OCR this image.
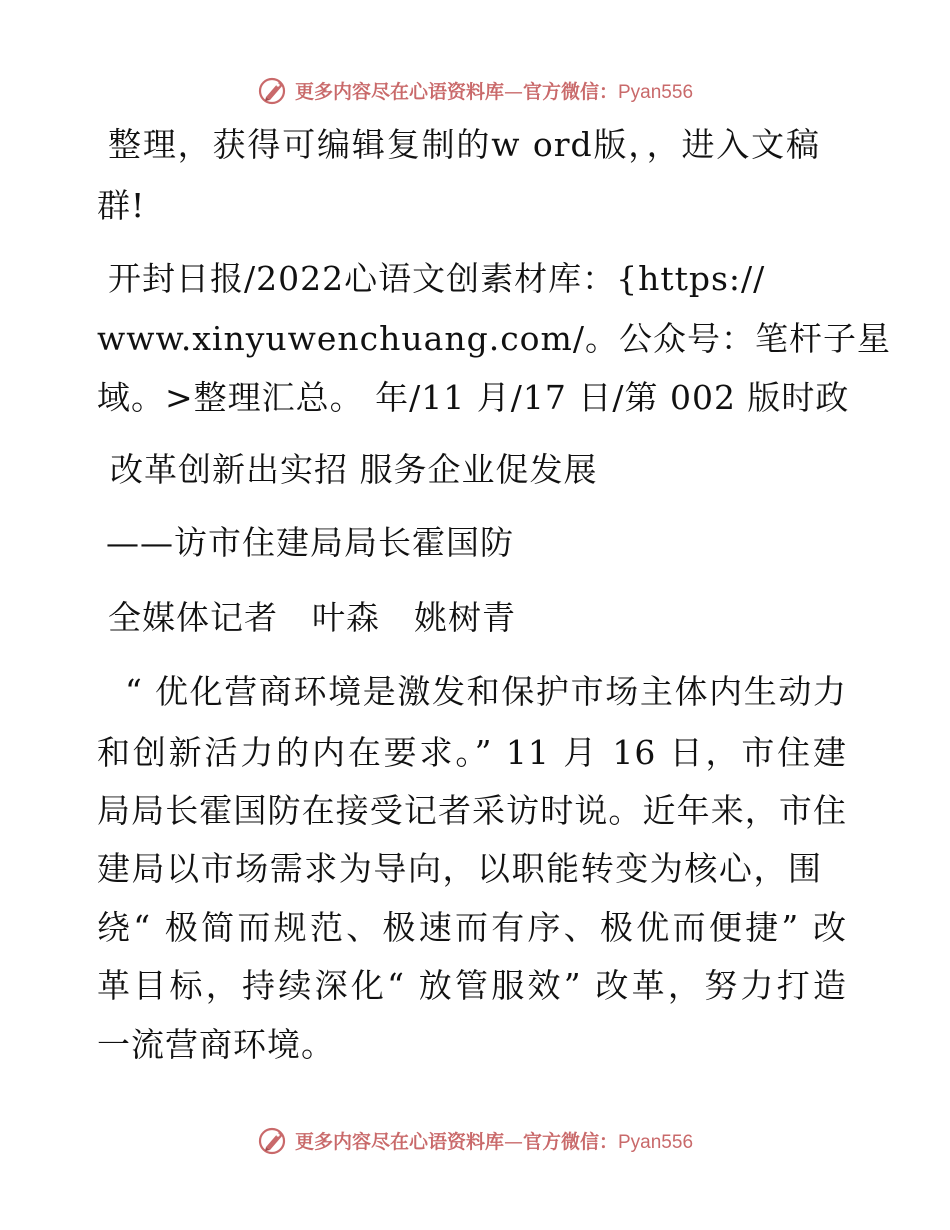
更多内容尽在心语资料库—官方微信：Pyan556
整理，获得可编辑复制的w ord版，，进入文稿
群!
开封日报/2022心语文创素材库：{https://
www.xinyuwenchuang.com/。公众号：笔杆子星
域。>整理汇总。 年/11 月/17 日/第 002 版时政
改革创新出实招 服务企业促发展
——访市住建局局长霍国防
全媒体记者　叶森　姚树青
“ 优化营商环境是激发和保护市场主体内生动力
和创新活力的内在要求。” 11 月 16 日，市住建
局局长霍国防在接受记者采访时说。近年来，市住
建局以市场需求为导向，以职能转变为核心，围
绕“ 极简而规范、极速而有序、极优而便捷” 改
革目标，持续深化“ 放管服效” 改革，努力打造
一流营商环境。
更多内容尽在心语资料库—官方微信：Pyan556
